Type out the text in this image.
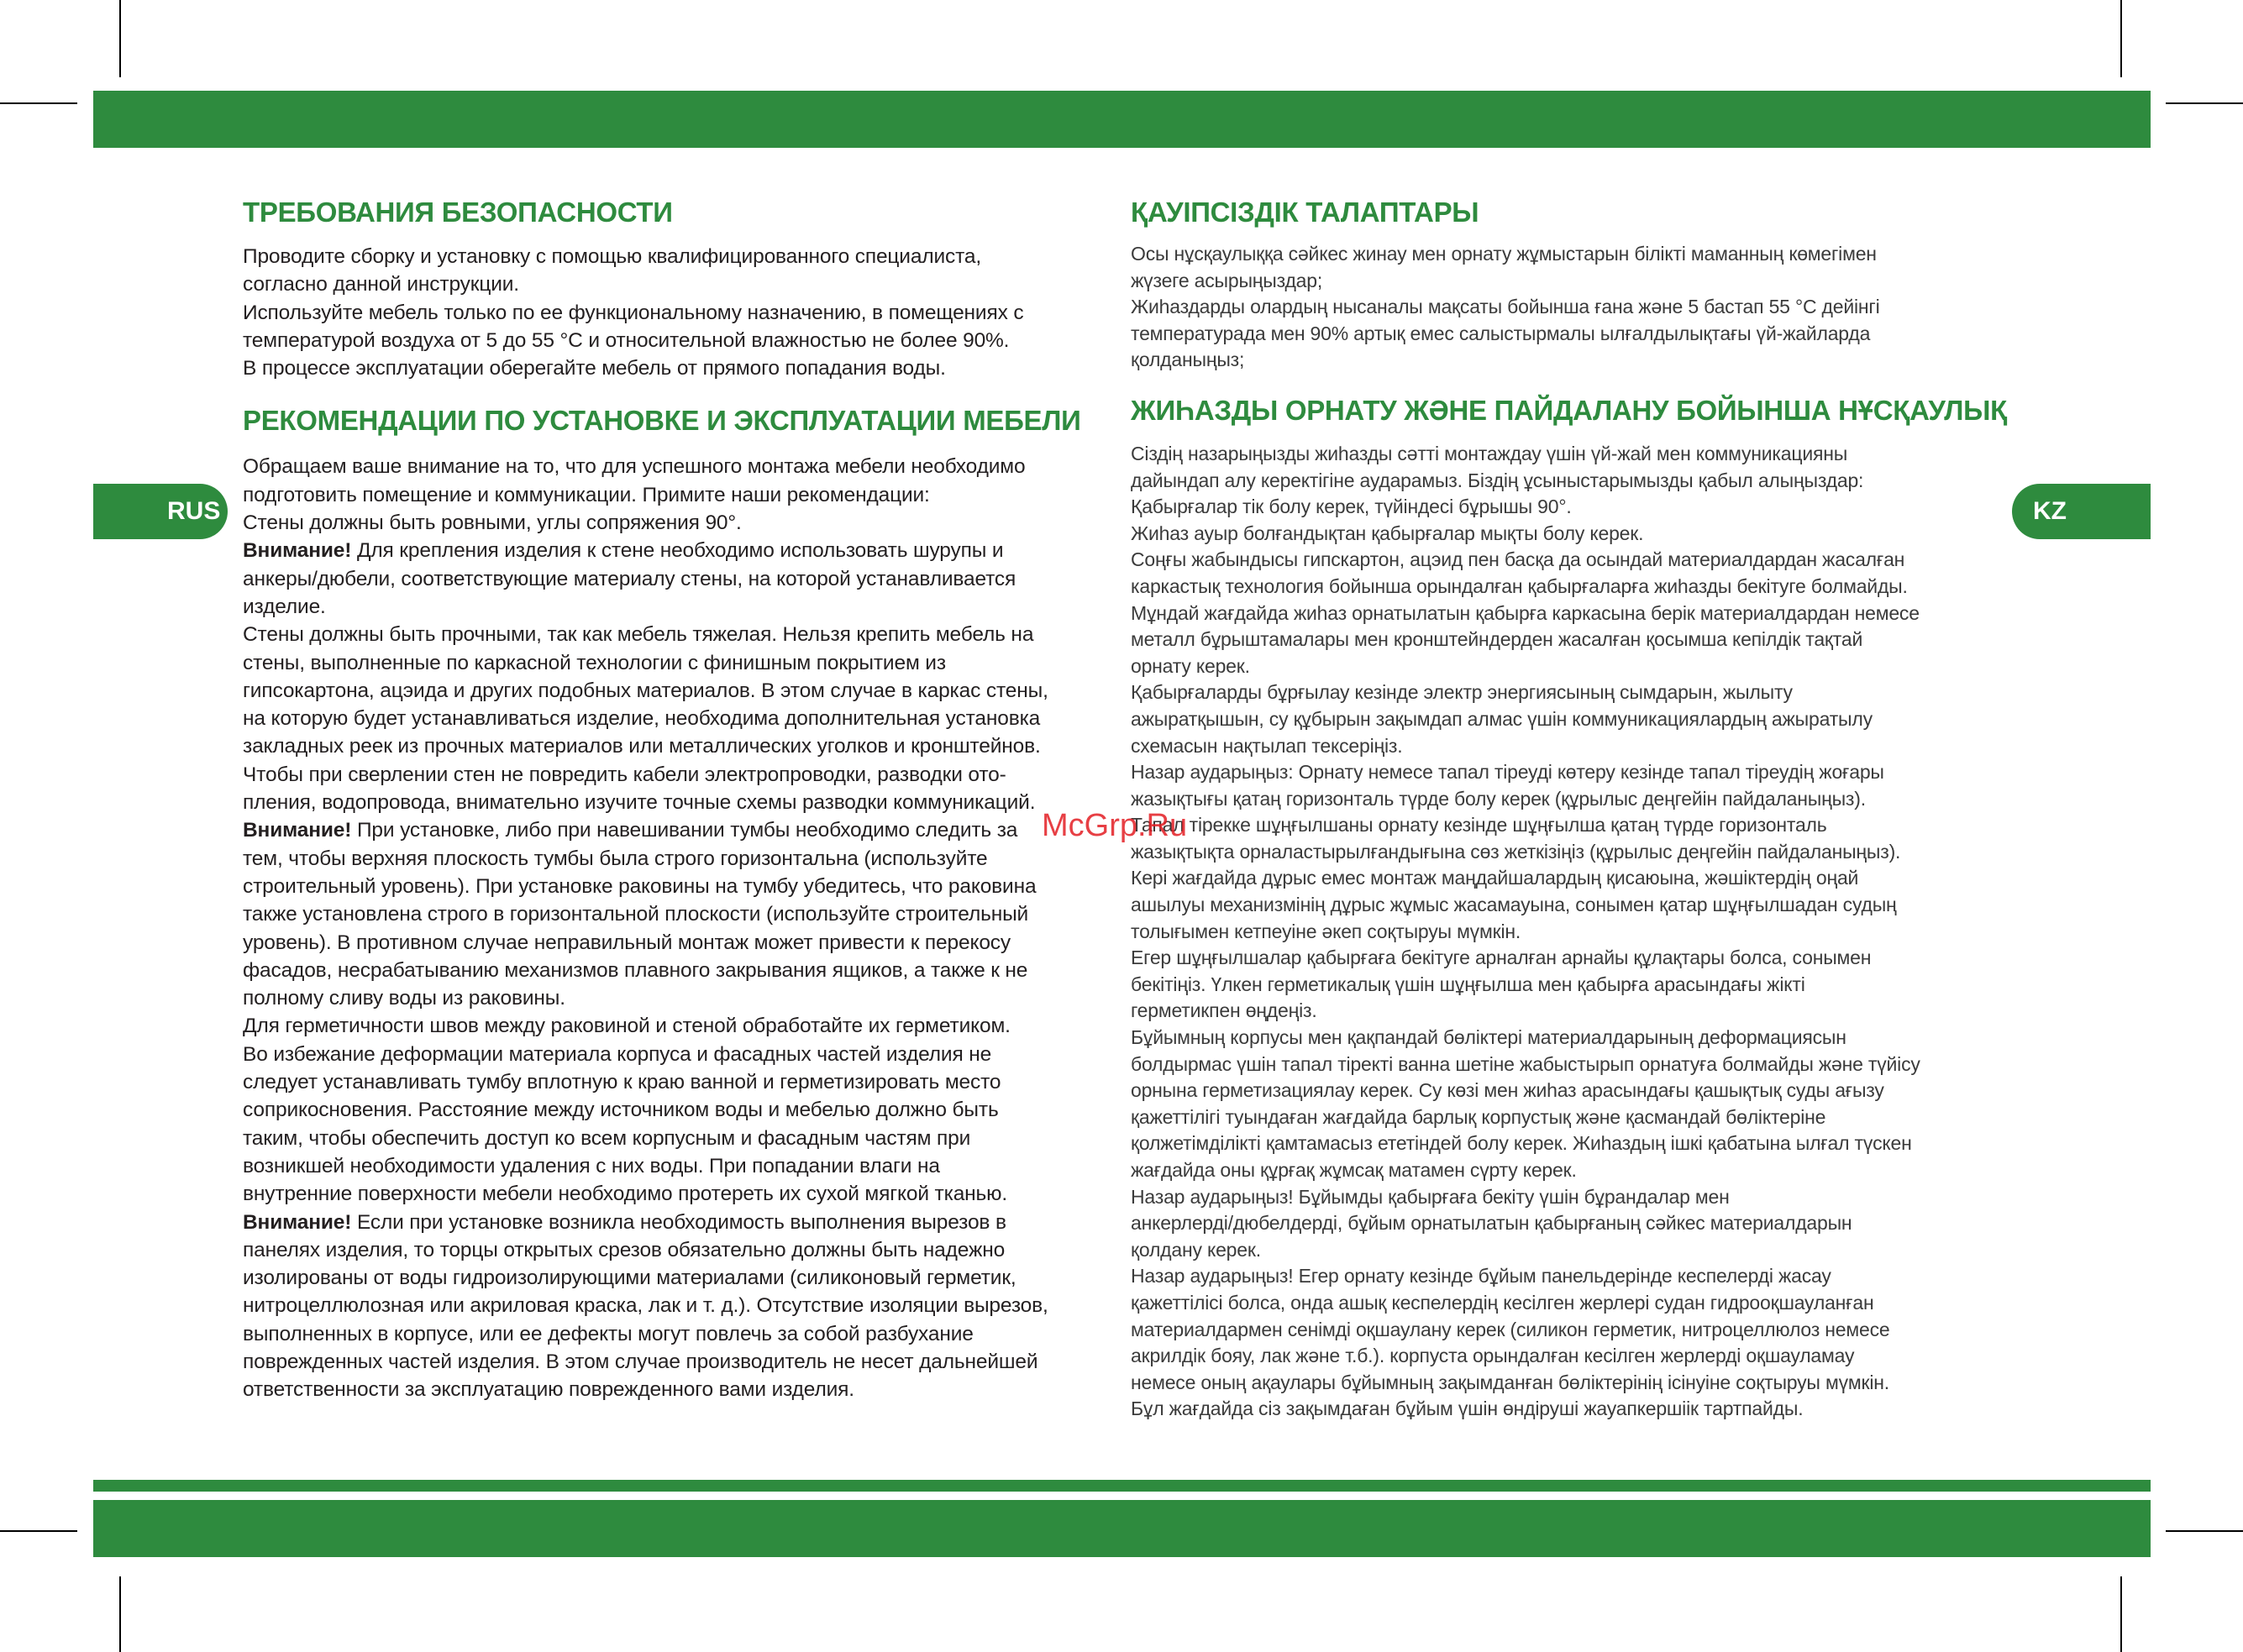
RUS	KZ
ТРЕБОВАНИЯ БЕЗОПАСНОСТИ

Проводите сборку и установку с помощью квалифицированного специалиста,

согласно данной инструкции.

Используйте мебель только по ее функциональному назначению, в помещениях с

температурой воздуха от 5 до 55 °С и относительной влажностью не более 90%.

В процессе эксплуатации оберегайте мебель от прямого попадания воды.

РЕКОМЕНДАЦИИ ПО УСТАНОВКЕ И ЭКСПЛУАТАЦИИ МЕБЕЛИ

Обращаем ваше внимание на то, что для успешного монтажа мебели необходимо

подготовить помещение и коммуникации. Примите наши рекомендации:

Стены должны быть ровными, углы сопряжения 90°.

Внимание! Для крепления изделия к стене необходимо использовать шурупы и

анкеры/дюбели, соответствующие материалу стены, на которой устанавливается

изделие.

Стены должны быть прочными, так как мебель тяжелая. Нельзя крепить мебель на

стены, выполненные по каркасной технологии с финишным покрытием из

гипсокартона, ацэида и других подобных материалов. В этом случае в каркас стены,

на которую будет устанавливаться изделие, необходима дополнительная установка

закладных реек из прочных материалов или металлических уголков и кронштейнов.

Чтобы при сверлении стен не повредить кабели электропроводки, разводки ото-

пления, водопровода, внимательно изучите точные схемы разводки коммуникаций.

Внимание! При установке, либо при навешивании тумбы необходимо следить за

тем, чтобы верхняя плоскость тумбы была строго горизонтальна (используйте

строительный уровень). При установке раковины на тумбу убедитесь, что раковина

также установлена строго в горизонтальной плоскости (используйте строительный

уровень). В противном случае неправильный монтаж может привести к перекосу

фасадов, несрабатыванию механизмов плавного закрывания ящиков, а также к не

полному сливу воды из раковины.

Для герметичности швов между раковиной и стеной обработайте их герметиком.

Во избежание деформации материала корпуса и фасадных частей изделия не

следует устанавливать тумбу вплотную к краю ванной и герметизировать место

соприкосновения. Расстояние между источником воды и мебелью должно быть

таким, чтобы обеспечить доступ ко всем корпусным и фасадным частям при

возникшей необходимости удаления с них воды. При попадании влаги на

внутренние поверхности мебели необходимо протереть их сухой мягкой тканью.

Внимание! Если при установке возникла необходимость выполнения вырезов в

панелях изделия, то торцы открытых срезов обязательно должны быть надежно

изолированы от воды гидроизолирующими материалами (силиконовый герметик,

нитроцеллюлозная или акриловая краска, лак и т. д.). Отсутствие изоляции вырезов,

выполненных в корпусе, или ее дефекты могут повлечь за собой разбухание

поврежденных частей изделия. В этом случае производитель не несет дальнейшей

ответственности за эксплуатацию поврежденного вами изделия.

ҚАУІПСІЗДІК ТАЛАПТАРЫ

Осы нұсқаулыққа сәйкес жинау мен орнату жұмыстарын білікті маманның көмегімен

жүзеге асырыңыздар;

Жиһаздарды олардың нысаналы мақсаты бойынша ғана және 5 бастап 55 °С дейінгі

температурада мен 90% артық емес салыстырмалы ылғалдылықтағы үй-жайларда

қолданыңыз;

ЖИҺАЗДЫ ОРНАТУ ЖӘНЕ ПАЙДАЛАНУ БОЙЫНША НҰСҚАУЛЫҚ

Сіздің назарыңызды жиһазды сәтті монтаждау үшін үй-жай мен коммуникацияны

дайындап алу керектігіне аударамыз. Біздің ұсыныстарымызды қабыл алыңыздар:

Қабырғалар тік болу керек, түйіндесі бұрышы 90°.

Жиһаз ауыр болғандықтан қабырғалар мықты болу керек.

Соңғы жабындысы гипскартон, ацэид пен басқа да осындай материалдардан жасалған

каркастық технология бойынша орындалған қабырғаларға жиһазды бекітуге болмайды.

Мұндай жағдайда жиһаз орнатылатын қабырға каркасына берік материалдардан немесе

металл бұрыштамалары мен кронштейндерден жасалған қосымша кепілдік тақтай

орнату керек.

Қабырғаларды бұрғылау кезінде электр энергиясының сымдарын, жылыту

ажыратқышын, су құбырын зақымдап алмас үшін коммуникациялардың ажыратылу

схемасын нақтылап тексеріңіз.

Назар аударыңыз: Орнату немесе тапал тіреуді көтеру кезінде тапал тіреудің жоғары

жазықтығы қатаң горизонталь түрде болу керек (құрылыс деңгейін пайдаланыңыз).

Тапал тірекке шұңғылшаны орнату кезінде шұңғылша қатаң түрде горизонталь

жазықтықта орналастырылғандығына сөз жеткізіңіз (құрылыс деңгейін пайдаланыңыз).

Кері жағдайда дұрыс емес монтаж маңдайшалардың қисаюына, жәшіктердің оңай

ашылуы механизмінің дұрыс жұмыс жасамауына, сонымен қатар шұңғылшадан судың

толығымен кетпеуіне әкеп соқтыруы мүмкін.

Егер шұңғылшалар қабырғаға бекітуге арналған арнайы құлақтары болса, сонымен

бекітіңіз. Үлкен герметикалық үшін шұңғылша мен қабырға арасындағы жікті

герметикпен өңдеңіз.

Бұйымның корпусы мен қақпандай бөліктері материалдарының деформациясын

болдырмас үшін тапал тіректі ванна шетіне жабыстырып орнатуға болмайды және түйісу

орнына герметизациялау керек. Су көзі мен жиһаз арасындағы қашықтық суды ағызу

қажеттілігі туындаған жағдайда барлық корпустық және қасмандай бөліктеріне

қолжетімділікті қамтамасыз ететіндей болу керек. Жиһаздың ішкі қабатына ылғал түскен

жағдайда оны құрғақ жұмсақ матамен сүрту керек.

Назар аударыңыз! Бұйымды қабырғаға бекіту үшін бұрандалар мен

анкерлерді/дюбелдерді, бұйым орнатылатын қабырғаның сәйкес материалдарын

қолдану керек.

Назар аударыңыз! Егер орнату кезінде бұйым панельдерінде кеспелерді жасау

қажеттілісі болса, онда ашық кеспелердің кесілген жерлері судан гидрооқшауланған

материалдармен сенімді оқшаулану керек (силикон герметик, нитроцеллюлоз немесе

акрилдік бояу, лак және т.б.). корпуста орындалған кесілген жерлерді оқшауламау

немесе оның ақаулары бұйымның зақымданған бөліктерінің ісінуіне соқтыруы мүмкін.

Бұл жағдайда сіз зақымдаған бұйым үшін өндіруші жауапкершіік тартпайды.

McGrp.Ru
